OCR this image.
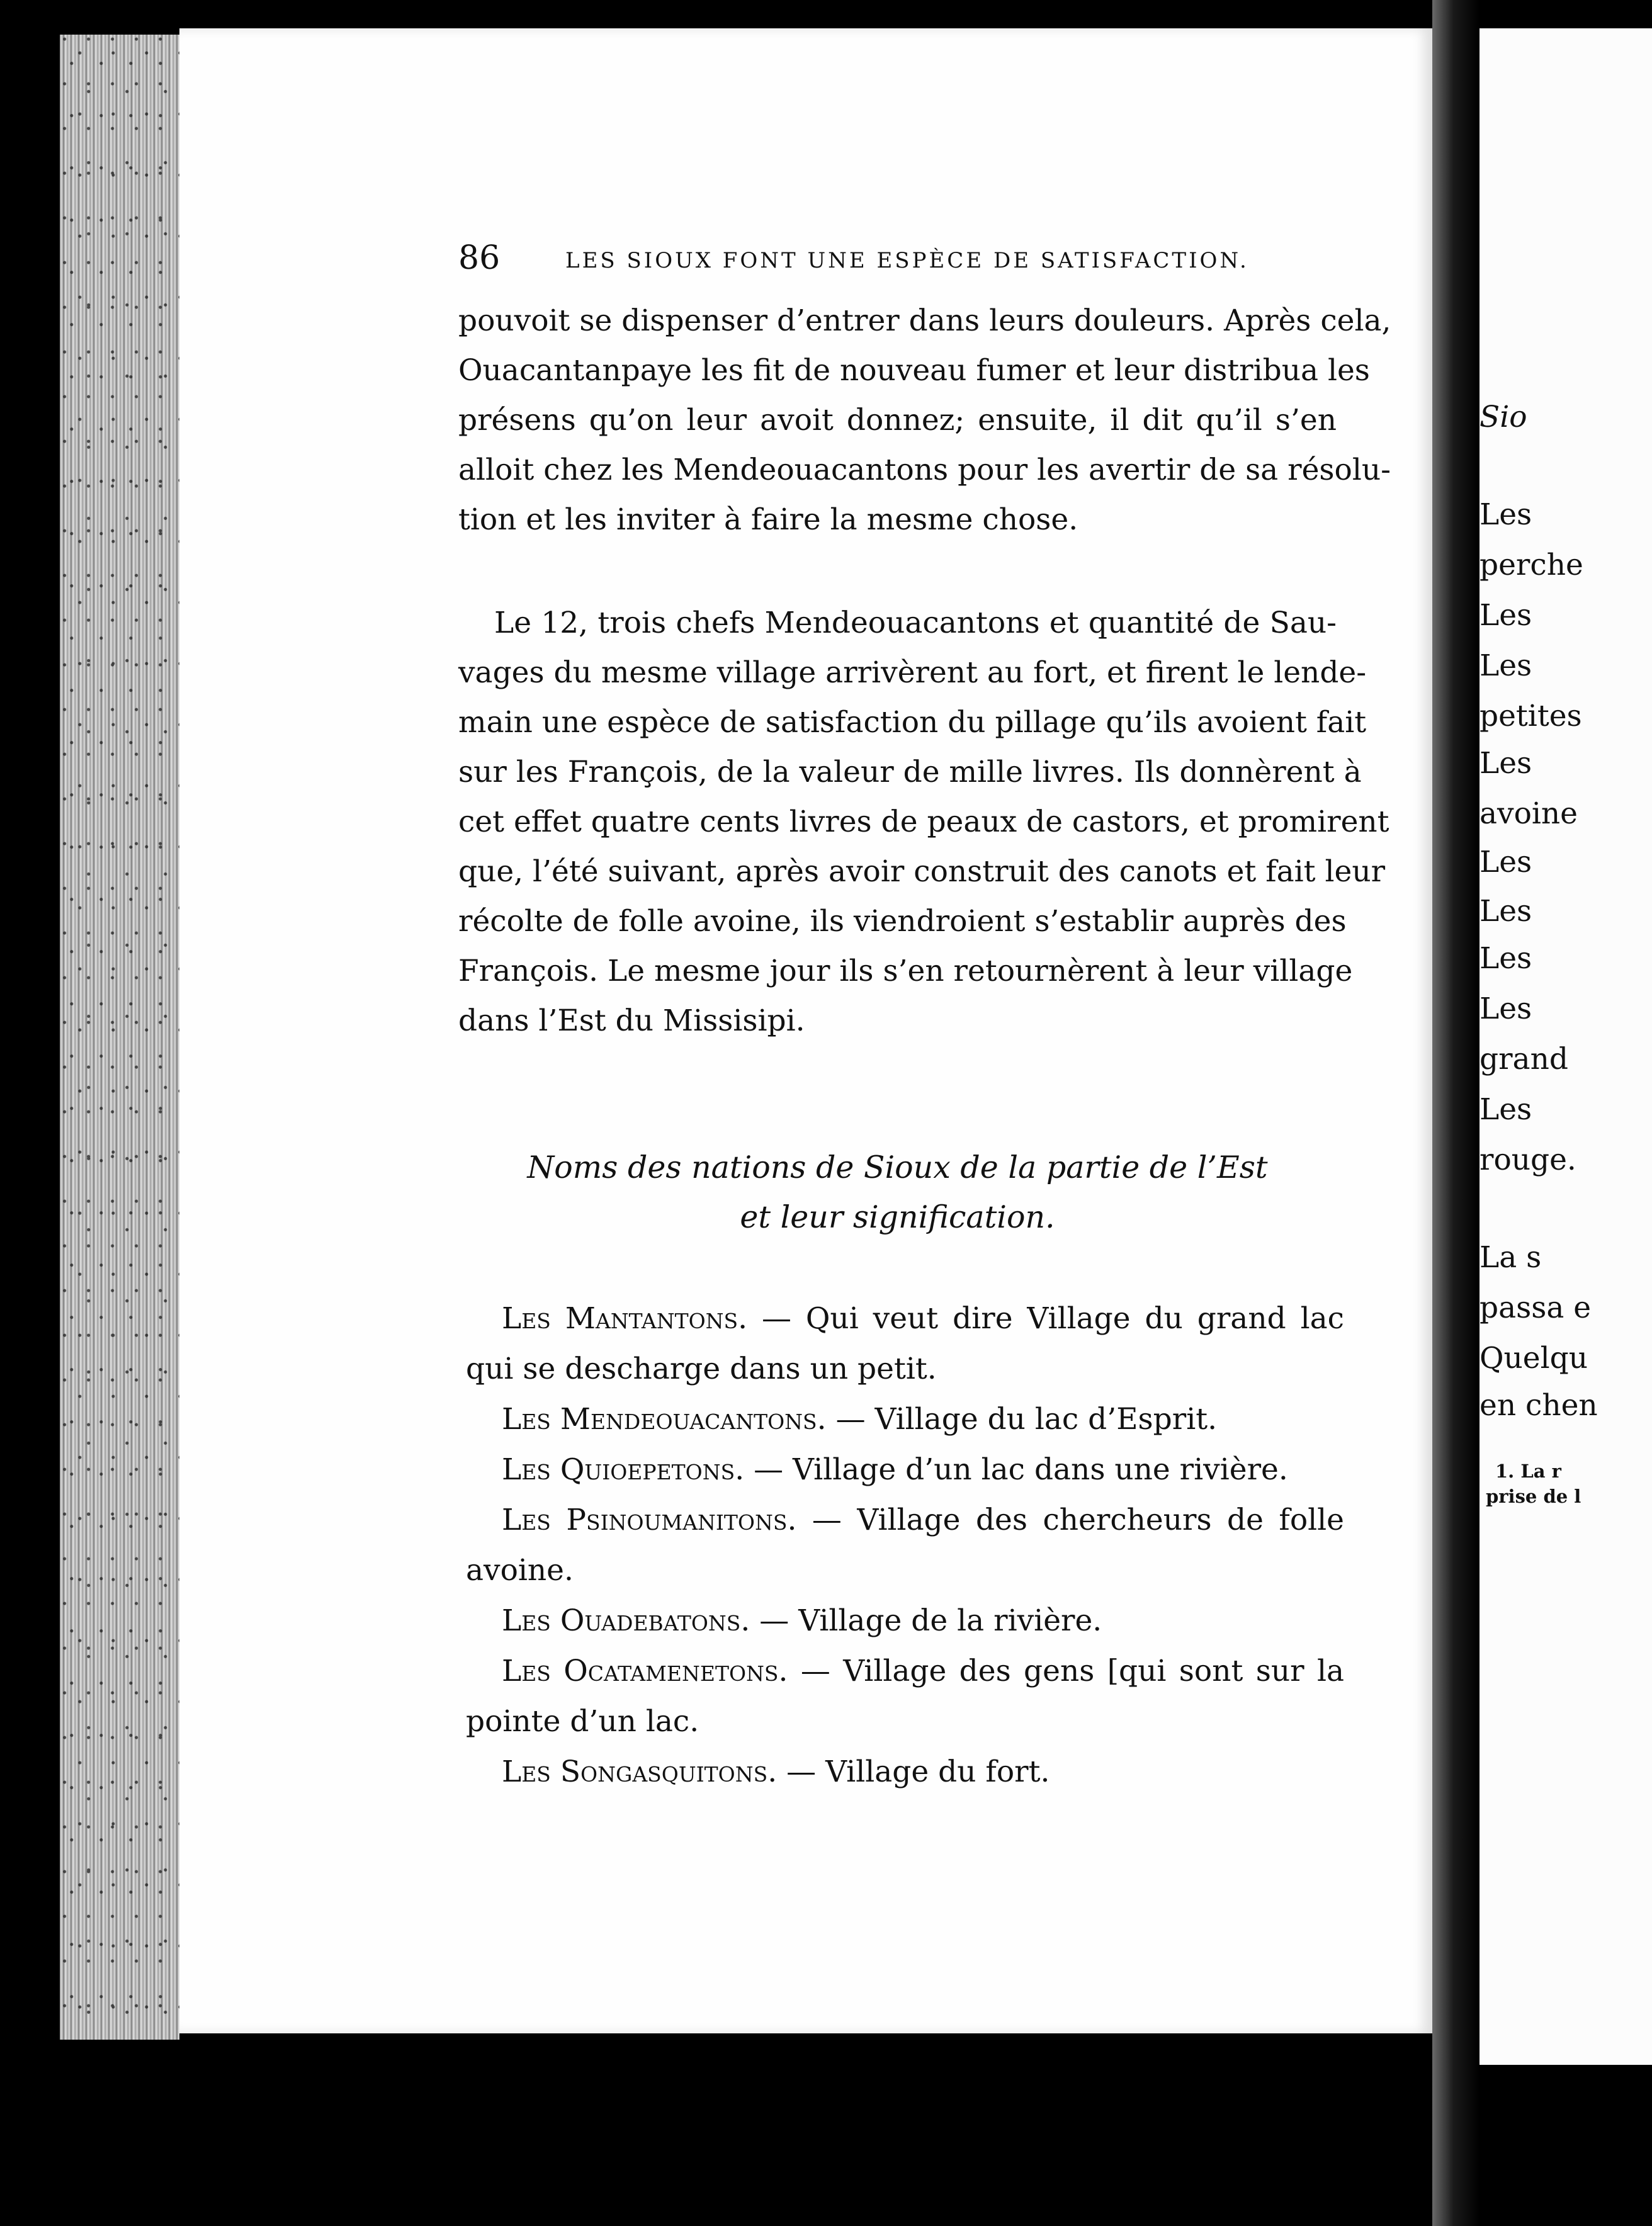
Sio
Les
perche
Les
Les
petites
Les
avoine
Les
Les
Les
Les
grand
Les
rouge.
La s
passa e
Quelqu
en chen
1. La r
prise de l
86	LES SIOUX FONT UNE ESPÈCE DE SATISFACTION.
pouvoit se dispenser d’entrer dans leurs douleurs. Après cela,
Ouacantanpaye les fit de nouveau fumer et leur distribua les
présens qu’on leur avoit donnez; ensuite, il dit qu’il s’en
alloit chez les Mendeouacantons pour les avertir de sa résolu-
tion et les inviter à faire la mesme chose.
Le 12, trois chefs Mendeouacantons et quantité de Sau-
vages du mesme village arrivèrent au fort, et firent le lende-
main une espèce de satisfaction du pillage qu’ils avoient fait
sur les François, de la valeur de mille livres. Ils donnèrent à
cet effet quatre cents livres de peaux de castors, et promirent
que, l’été suivant, après avoir construit des canots et fait leur
récolte de folle avoine, ils viendroient s’establir auprès des
François. Le mesme jour ils s’en retournèrent à leur village
dans l’Est du Missisipi.
Noms des nations de Sioux de la partie de l’Est
et leur signification.
Les Mantantons. — Qui veut dire Village du grand lac
qui se descharge dans un petit.
Les Mendeouacantons. — Village du lac d’Esprit.
Les Quioepetons. — Village d’un lac dans une rivière.
Les Psinoumanitons. — Village des chercheurs de folle
avoine.
Les Ouadebatons. — Village de la rivière.
Les Ocatamenetons. — Village des gens [qui sont sur la
pointe d’un lac.
Les Songasquitons. — Village du fort.
